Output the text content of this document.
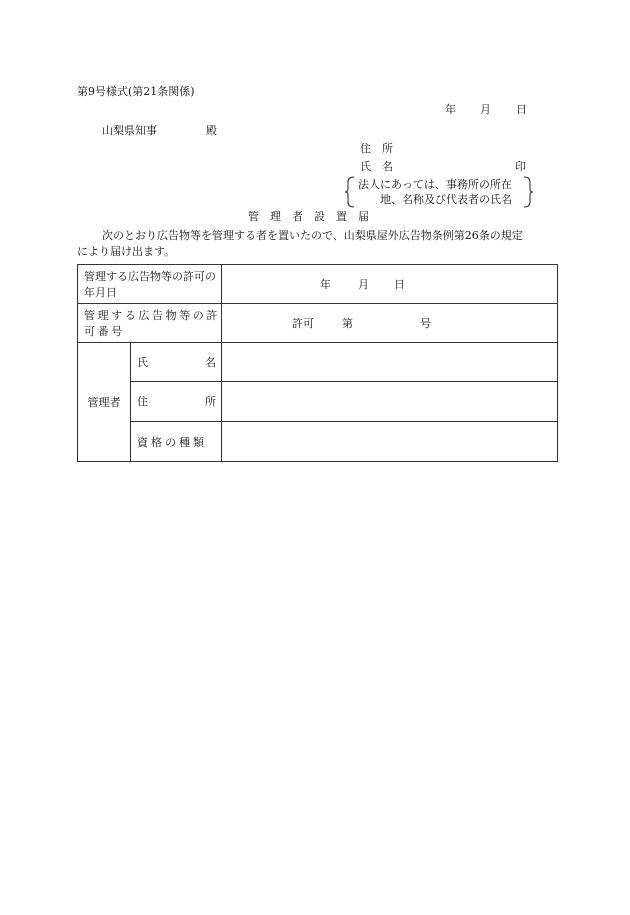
第9号様式(第21条関係)
年 月 日
山梨県知事	殿
住　所
氏　名	印
法人にあっては、事務所の所在
地、名称及び代表者の氏名
管　理　者　設　置　届
次のとおり広告物等を管理する者を置いたので、山梨県屋外広告物条例第26条の規定
により届け出ます。
管理する広告物等の許可の年月日		年 月 日

管理する広告物等の許可番号		許可 第 号

管理者	氏 名	

	住 所	

	資格の種類	
